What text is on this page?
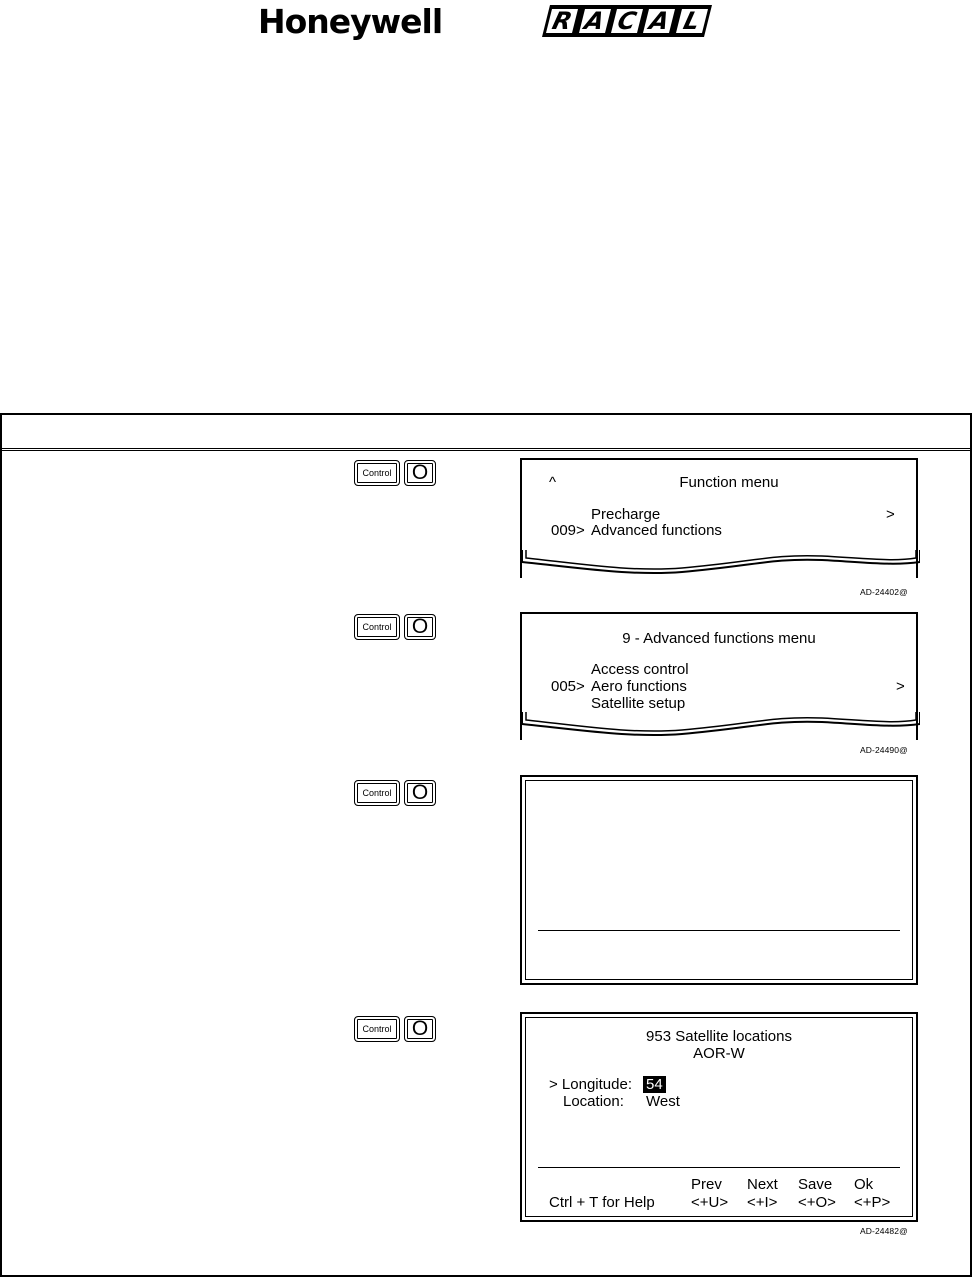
Honeywell	R A C A L
Control O	^	Function menu
Precharge	>
009> Advanced functions
AD-24402@
Control O
9 - Advanced functions menu
Access control
005> Aero functions	>
Satellite setup
AD-24490@
Control O
Control O	953 Satellite locations
AOR-W
> Longitude: 54
Location: West
Prev Next Save Ok
Ctrl + T for Help <+U> <+I> <+O> <+P>
AD-24482@
